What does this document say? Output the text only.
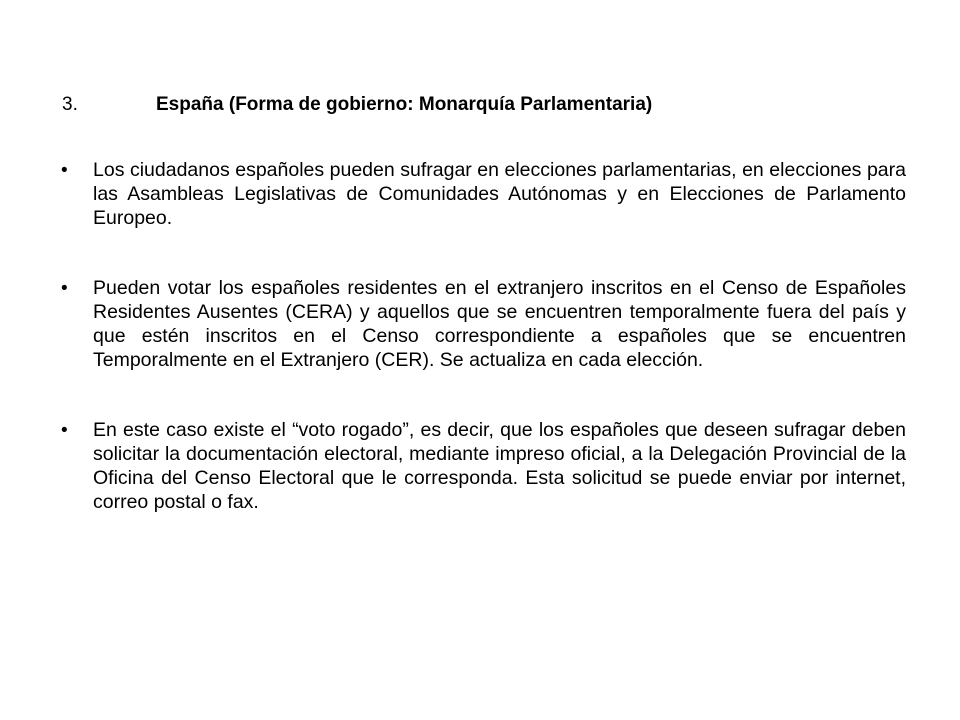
3.	España (Forma de gobierno: Monarquía Parlamentaria)
• Los ciudadanos españoles pueden sufragar en elecciones parlamentarias, en elecciones para las Asambleas Legislativas de Comunidades Autónomas y en Elecciones de Parlamento Europeo.
• Pueden votar los españoles residentes en el extranjero inscritos en el Censo de Españoles Residentes Ausentes (CERA) y aquellos que se encuentren temporalmente fuera del país y que estén inscritos en el Censo correspondiente a españoles que se encuentren Temporalmente en el Extranjero (CER). Se actualiza en cada elección.
• En este caso existe el “voto rogado”, es decir, que los españoles que deseen sufragar deben solicitar la documentación electoral, mediante impreso oficial, a la Delegación Provincial de la Oficina del Censo Electoral que le corresponda. Esta solicitud se puede enviar por internet, correo postal o fax.
